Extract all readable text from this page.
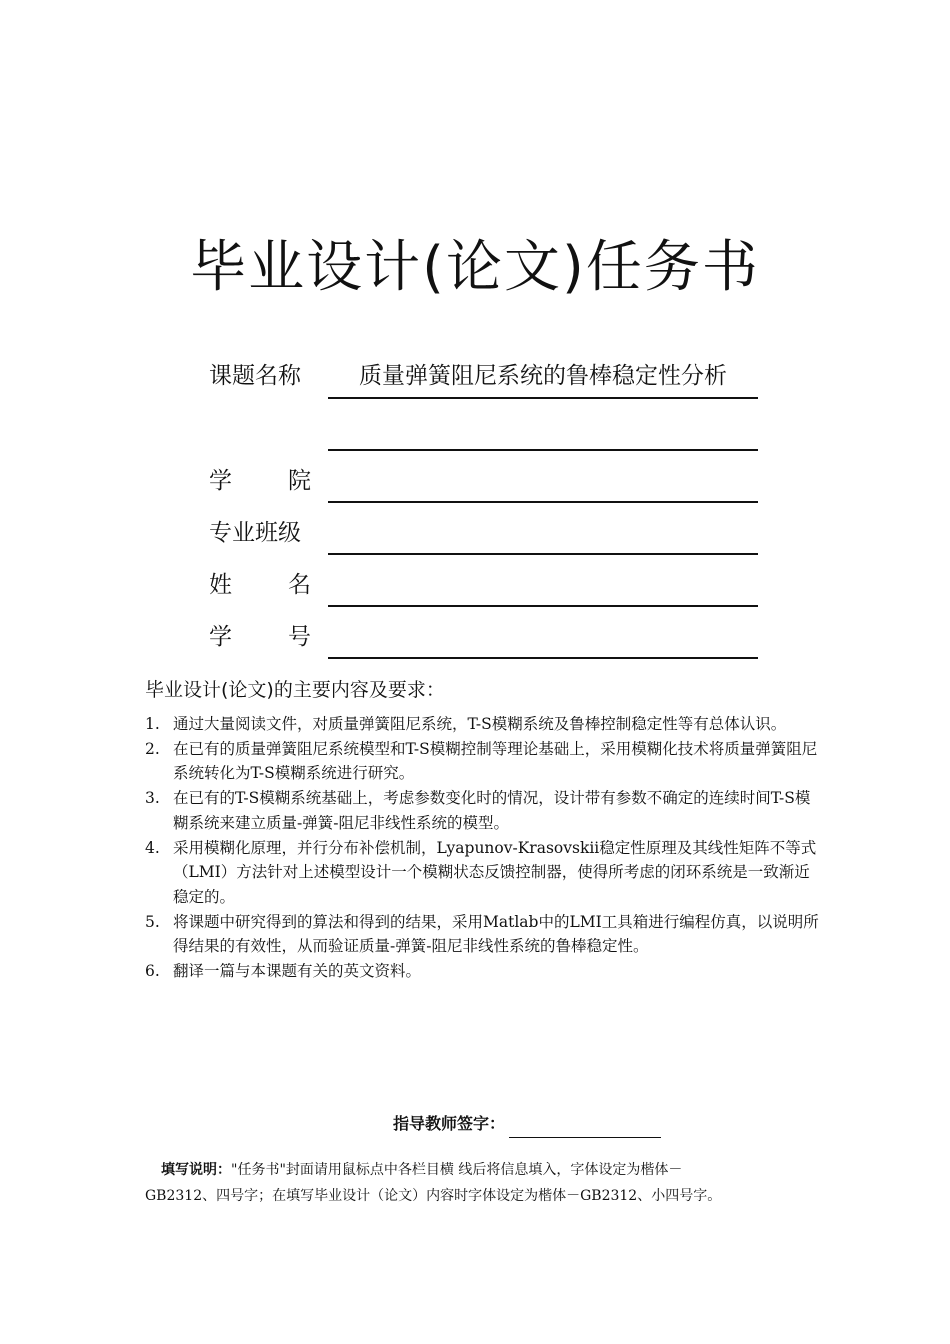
毕业设计(论文)任务书
课题名称	质量弹簧阻尼系统的鲁棒稳定性分析
学 院
专业班级
姓 名
学 号
毕业设计(论文)的主要内容及要求：
1. 通过大量阅读文件，对质量弹簧阻尼系统，T-S模糊系统及鲁棒控制稳定性等有总体认识。
2. 在已有的质量弹簧阻尼系统模型和T-S模糊控制等理论基础上，采用模糊化技术将质量弹簧阻尼系统转化为T-S模糊系统进行研究。
3. 在已有的T-S模糊系统基础上，考虑参数变化时的情况，设计带有参数不确定的连续时间T-S模糊系统来建立质量-弹簧-阻尼非线性系统的模型。
4. 采用模糊化原理，并行分布补偿机制，Lyapunov-Krasovskii稳定性原理及其线性矩阵不等式（LMI）方法针对上述模型设计一个模糊状态反馈控制器，使得所考虑的闭环系统是一致渐近稳定的。
5. 将课题中研究得到的算法和得到的结果，采用Matlab中的LMI工具箱进行编程仿真，以说明所得结果的有效性，从而验证质量-弹簧-阻尼非线性系统的鲁棒稳定性。
6. 翻译一篇与本课题有关的英文资料。
指导教师签字：
填写说明："任务书"封面请用鼠标点中各栏目横 线后将信息填入，字体设定为楷体－
GB2312、四号字；在填写毕业设计（论文）内容时字体设定为楷体－GB2312、小四号字。
